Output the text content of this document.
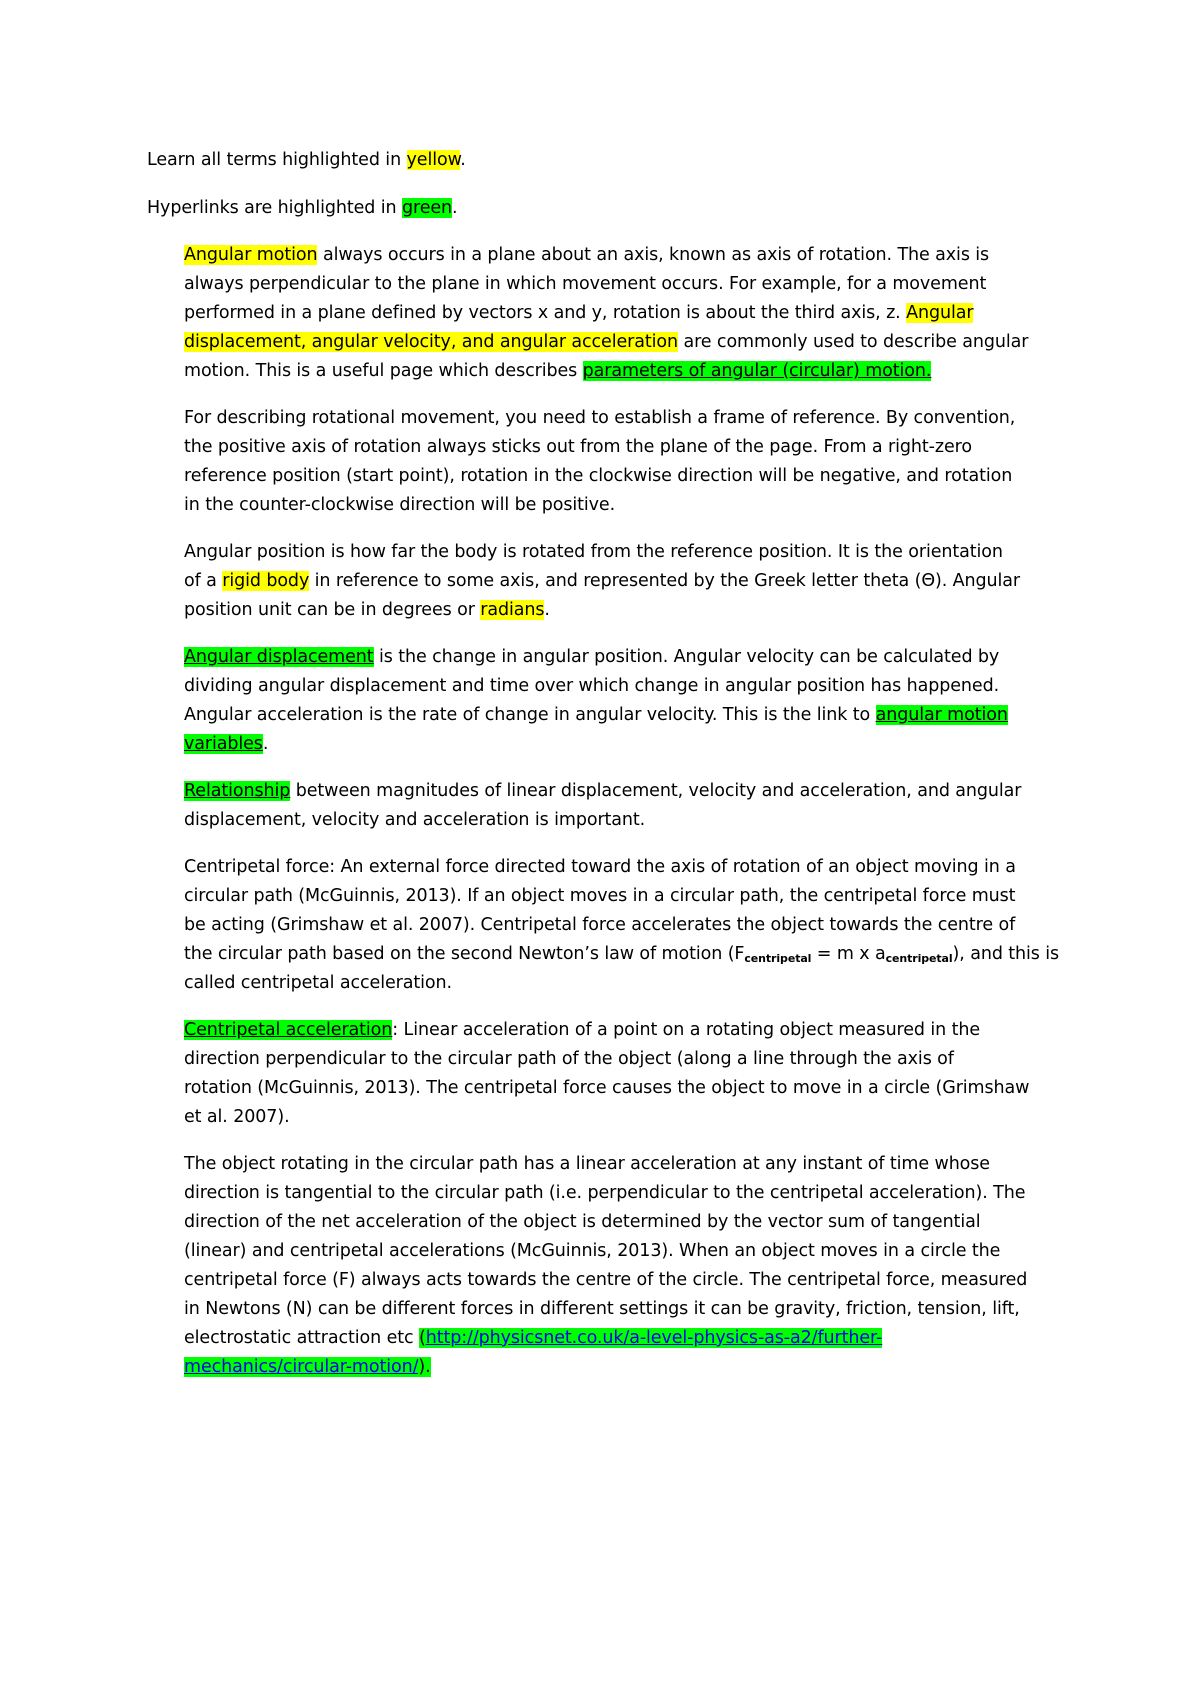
Learn all terms highlighted in yellow.
Hyperlinks are highlighted in green.
Angular motion always occurs in a plane about an axis, known as axis of rotation. The axis is
always perpendicular to the plane in which movement occurs. For example, for a movement
performed in a plane defined by vectors x and y, rotation is about the third axis, z. Angular
displacement, angular velocity, and angular acceleration are commonly used to describe angular
motion. This is a useful page which describes parameters of angular (circular) motion.
For describing rotational movement, you need to establish a frame of reference. By convention,
the positive axis of rotation always sticks out from the plane of the page. From a right-zero
reference position (start point), rotation in the clockwise direction will be negative, and rotation
in the counter-clockwise direction will be positive.
Angular position is how far the body is rotated from the reference position. It is the orientation
of a rigid body in reference to some axis, and represented by the Greek letter theta (Θ). Angular
position unit can be in degrees or radians.
Angular displacement is the change in angular position. Angular velocity can be calculated by
dividing angular displacement and time over which change in angular position has happened.
Angular acceleration is the rate of change in angular velocity. This is the link to angular motion
variables.
Relationship between magnitudes of linear displacement, velocity and acceleration, and angular
displacement, velocity and acceleration is important.
Centripetal force: An external force directed toward the axis of rotation of an object moving in a
circular path (McGuinnis, 2013). If an object moves in a circular path, the centripetal force must
be acting (Grimshaw et al. 2007). Centripetal force accelerates the object towards the centre of
the circular path based on the second Newton’s law of motion ($F_{centripetal} = m$ x $a_{centripetal}$), and this is
called centripetal acceleration.
Centripetal acceleration: Linear acceleration of a point on a rotating object measured in the
direction perpendicular to the circular path of the object (along a line through the axis of
rotation (McGuinnis, 2013). The centripetal force causes the object to move in a circle (Grimshaw
et al. 2007).
The object rotating in the circular path has a linear acceleration at any instant of time whose
direction is tangential to the circular path (i.e. perpendicular to the centripetal acceleration). The
direction of the net acceleration of the object is determined by the vector sum of tangential
(linear) and centripetal accelerations (McGuinnis, 2013). When an object moves in a circle the
centripetal force (F) always acts towards the centre of the circle. The centripetal force, measured
in Newtons (N) can be different forces in different settings it can be gravity, friction, tension, lift,
electrostatic attraction etc (http://physicsnet.co.uk/a-level-physics-as-a2/further-
mechanics/circular-motion/).
